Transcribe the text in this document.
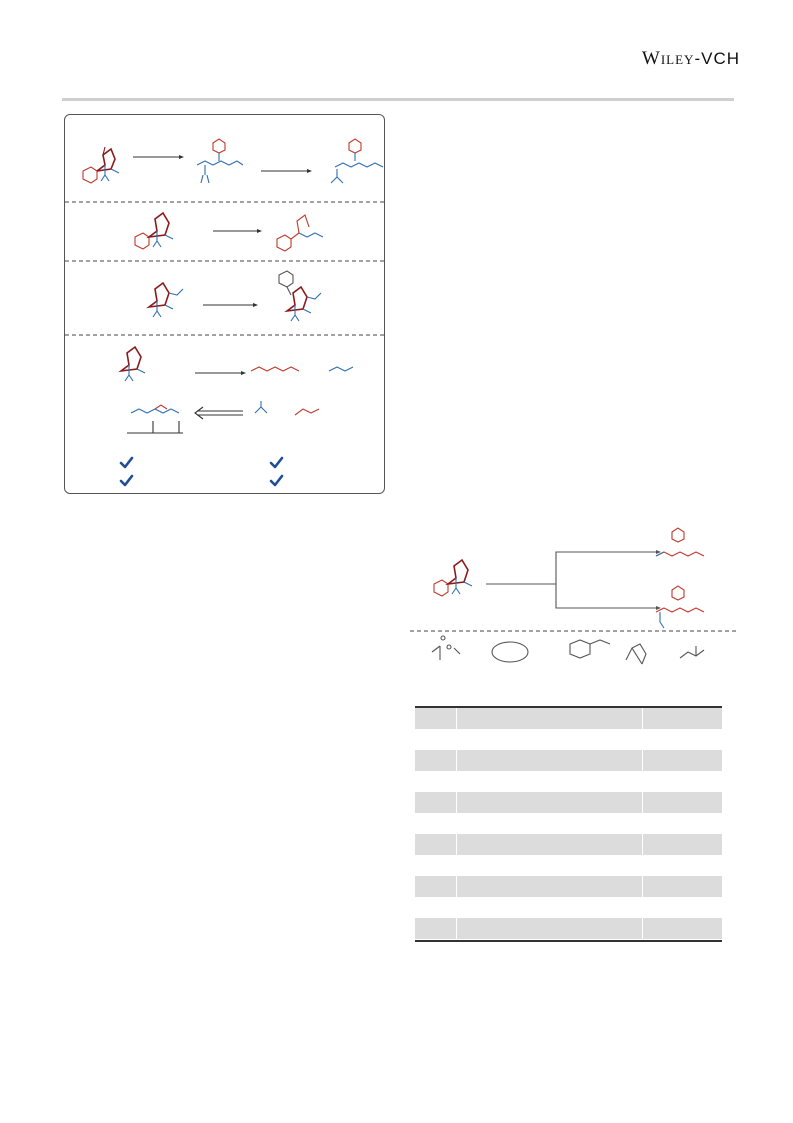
Wiley-VCH
